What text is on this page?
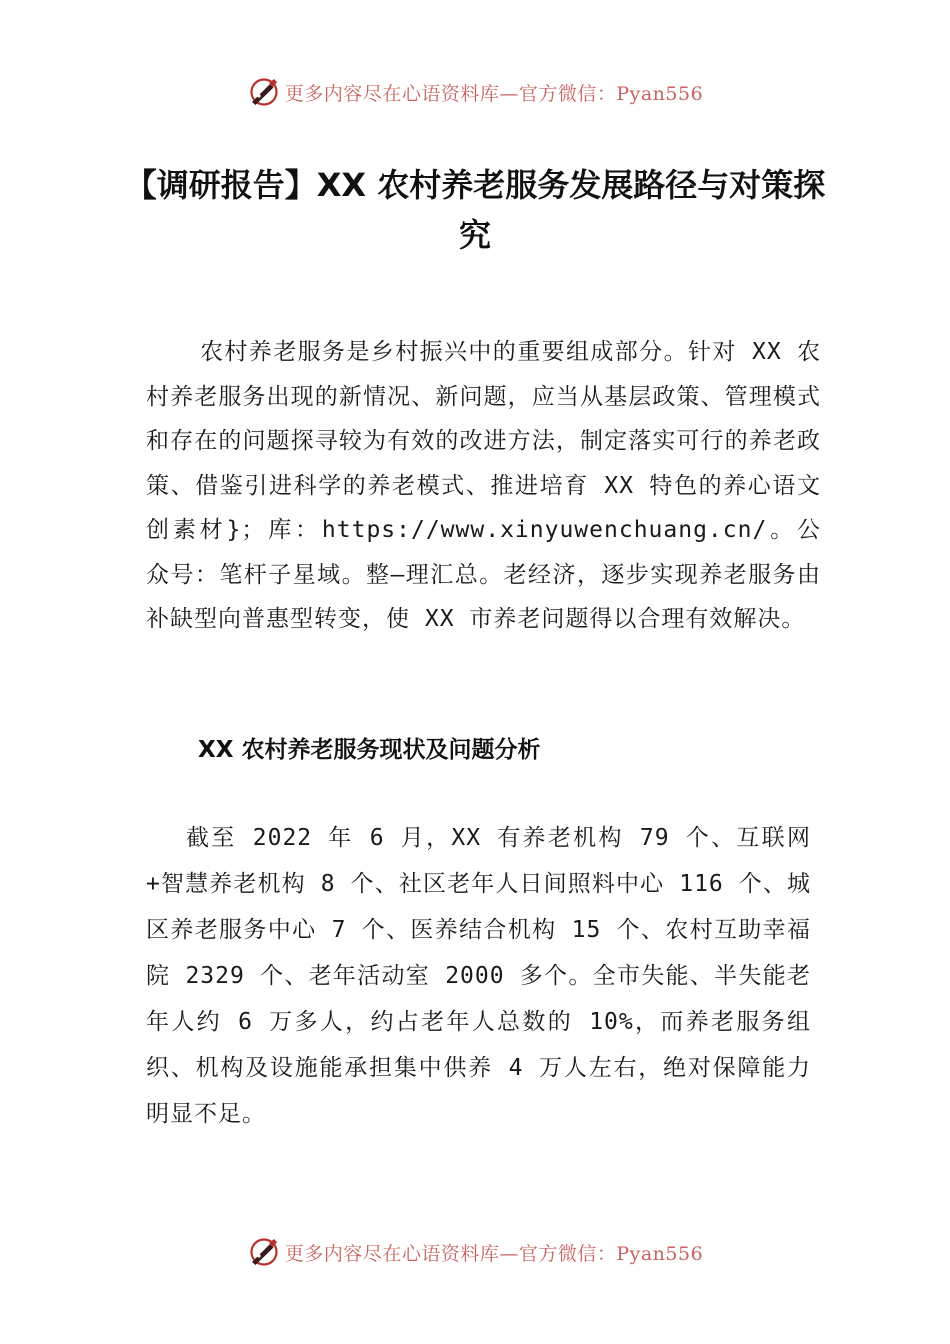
更多内容尽在心语资料库—官方微信：Pyan556
【调研报告】XX 农村养老服务发展路径与对策探究

农村养老服务是乡村振兴中的重要组成部分。针对 XX 农村养老服务出现的新情况、新问题，应当从基层政策、管理模式和存在的问题探寻较为有效的改进方法，制定落实可行的养老政策、借鉴引进科学的养老模式、推进培育 XX 特色的养心语文创素材}；库：https://www.xinyuwenchuang.cn/。公众号：笔杆子星域。整—理汇总。老经济，逐步实现养老服务由补缺型向普惠型转变，使 XX 市养老问题得以合理有效解决。

XX 农村养老服务现状及问题分析

截至 2022 年 6 月，XX 有养老机构 79 个、互联网+智慧养老机构 8 个、社区老年人日间照料中心 116 个、城区养老服务中心 7 个、医养结合机构 15 个、农村互助幸福院 2329 个、老年活动室 2000 多个。全市失能、半失能老年人约 6 万多人，约占老年人总数的 10%，而养老服务组织、机构及设施能承担集中供养 4 万人左右，绝对保障能力明显不足。

更多内容尽在心语资料库—官方微信：Pyan556
